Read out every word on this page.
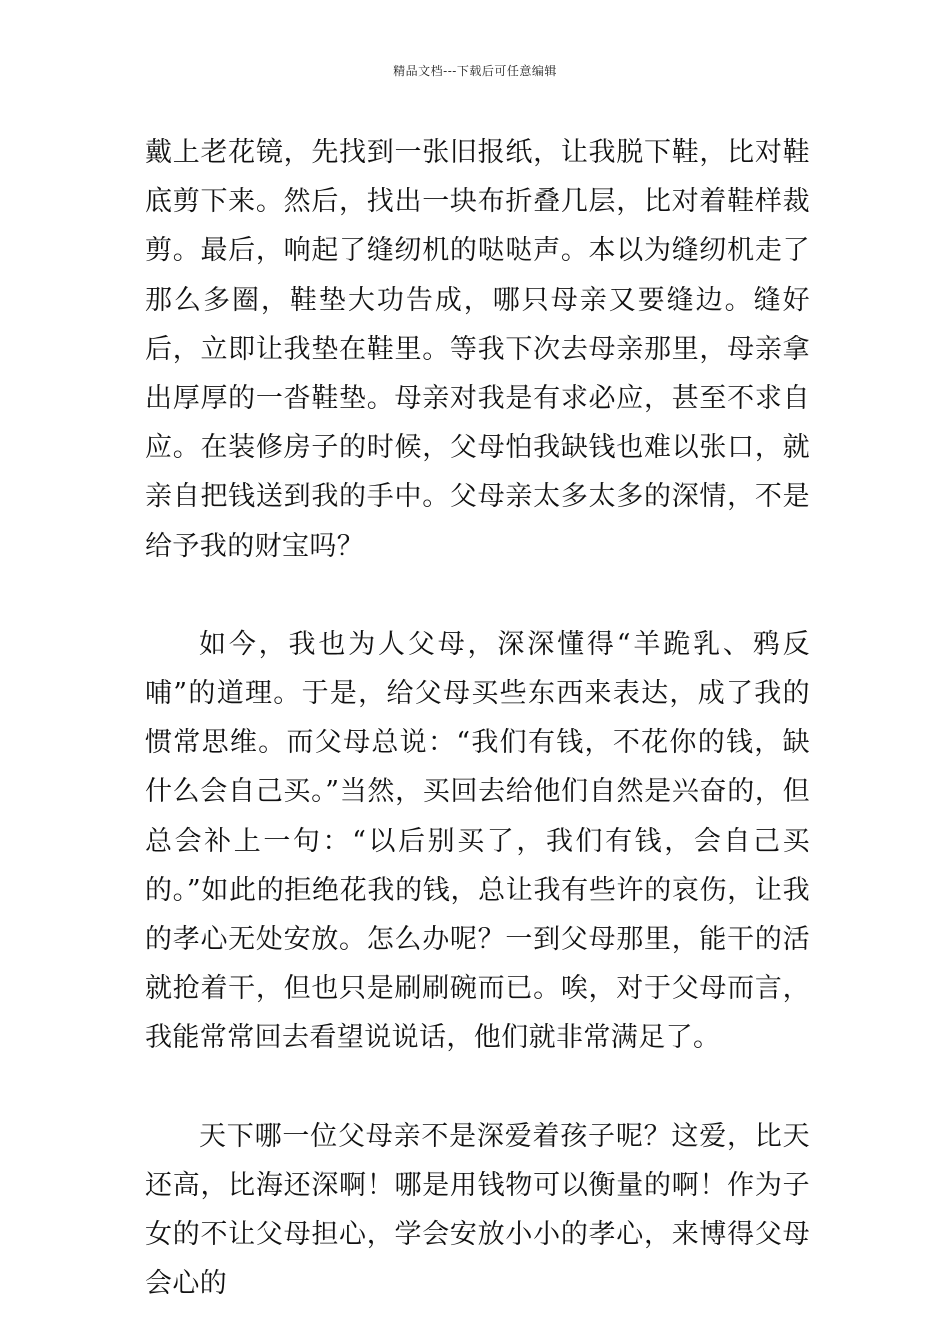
精品文档---下载后可任意编辑

戴上老花镜，先找到一张旧报纸，让我脱下鞋，比对鞋底剪下来。然后，找出一块布折叠几层，比对着鞋样裁剪。最后，响起了缝纫机的哒哒声。本以为缝纫机走了那么多圈，鞋垫大功告成，哪只母亲又要缝边。缝好后，立即让我垫在鞋里。等我下次去母亲那里，母亲拿出厚厚的一沓鞋垫。母亲对我是有求必应，甚至不求自应。在装修房子的时候，父母怕我缺钱也难以张口，就亲自把钱送到我的手中。父母亲太多太多的深情，不是给予我的财宝吗？

如今，我也为人父母，深深懂得“羊跪乳、鸦反哺”的道理。于是，给父母买些东西来表达，成了我的惯常思维。而父母总说：“我们有钱，不花你的钱，缺什么会自己买。”当然，买回去给他们自然是兴奋的，但总会补上一句：“以后别买了，我们有钱，会自己买的。”如此的拒绝花我的钱，总让我有些许的哀伤，让我的孝心无处安放。怎么办呢？一到父母那里，能干的活就抢着干，但也只是刷刷碗而已。唉，对于父母而言，我能常常回去看望说说话，他们就非常满足了。

天下哪一位父母亲不是深爱着孩子呢？这爱，比天还高，比海还深啊！哪是用钱物可以衡量的啊！作为子女的不让父母担心，学会安放小小的孝心，来博得父母会心的
